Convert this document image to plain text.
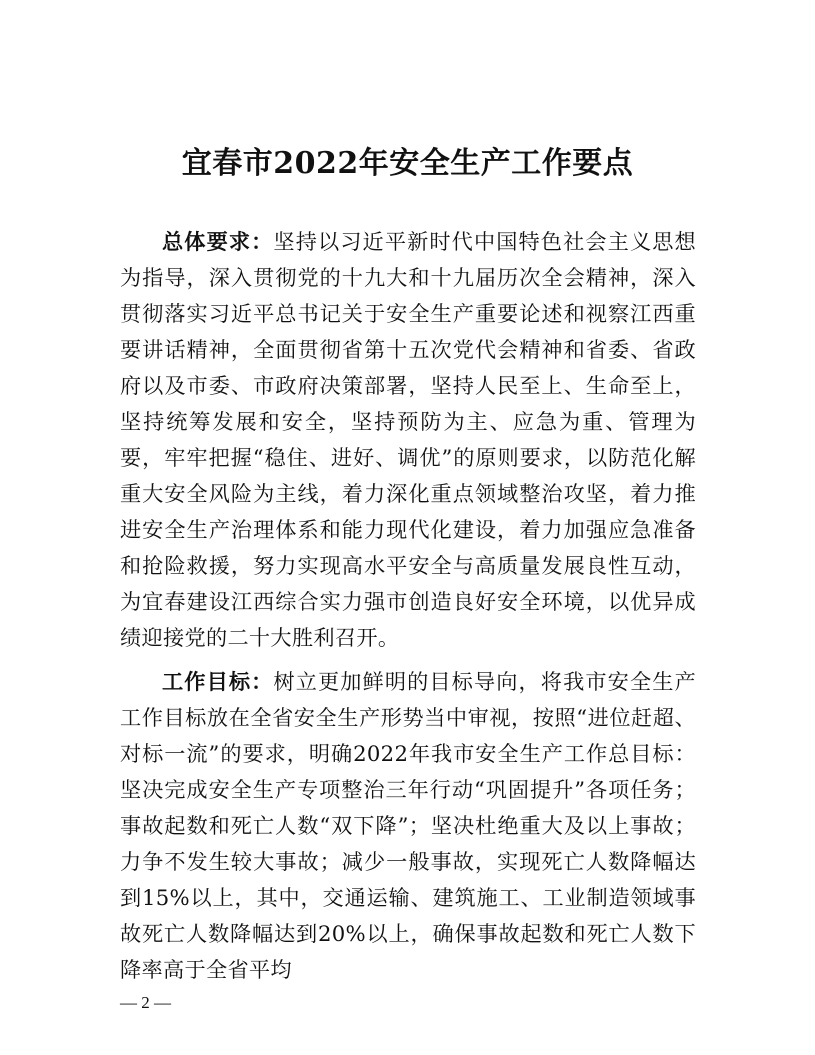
宜春市2022年安全生产工作要点

总体要求：坚持以习近平新时代中国特色社会主义思想为指导，深入贯彻党的十九大和十九届历次全会精神，深入贯彻落实习近平总书记关于安全生产重要论述和视察江西重要讲话精神，全面贯彻省第十五次党代会精神和省委、省政府以及市委、市政府决策部署，坚持人民至上、生命至上，坚持统筹发展和安全，坚持预防为主、应急为重、管理为要，牢牢把握“稳住、进好、调优”的原则要求，以防范化解重大安全风险为主线，着力深化重点领域整治攻坚，着力推进安全生产治理体系和能力现代化建设，着力加强应急准备和抢险救援，努力实现高水平安全与高质量发展良性互动，为宜春建设江西综合实力强市创造良好安全环境，以优异成绩迎接党的二十大胜利召开。

工作目标：树立更加鲜明的目标导向，将我市安全生产工作目标放在全省安全生产形势当中审视，按照“进位赶超、对标一流”的要求，明确2022年我市安全生产工作总目标：坚决完成安全生产专项整治三年行动“巩固提升”各项任务；事故起数和死亡人数“双下降”；坚决杜绝重大及以上事故；力争不发生较大事故；减少一般事故，实现死亡人数降幅达到15%以上，其中，交通运输、建筑施工、工业制造领域事故死亡人数降幅达到20%以上，确保事故起数和死亡人数下降率高于全省平均

— 2 —
